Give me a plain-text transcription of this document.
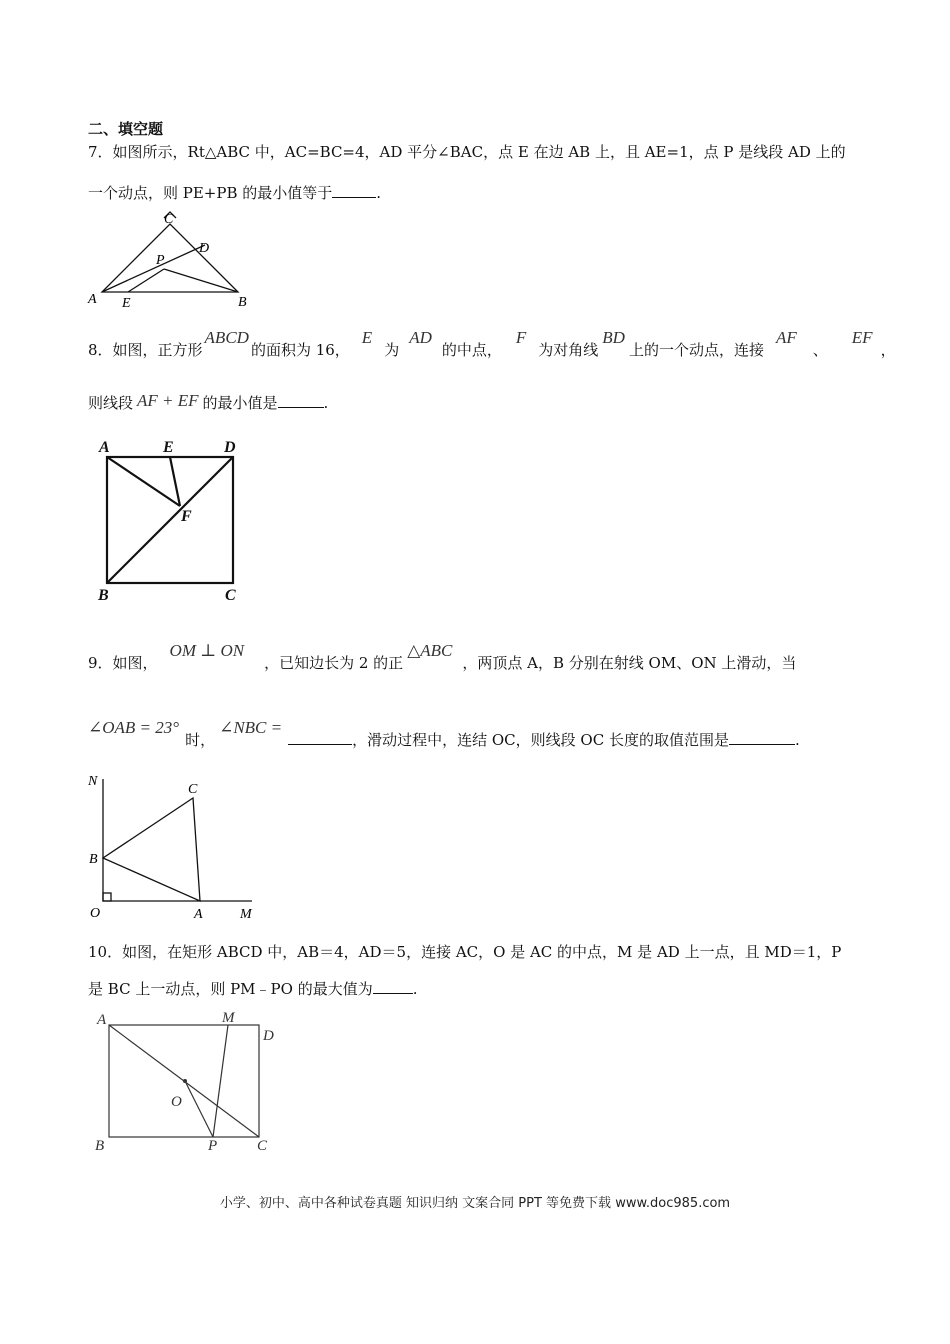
二、填空题
7．如图所示，Rt△ABC 中，AC=BC=4，AD 平分∠BAC，点 E 在边 AB 上，且 AE=1，点 P 是线段 AD 上的
一个动点，则 PE+PB 的最小值等于	.
C
D
P
A E	B
8．如图，正方形ABCD的面积为 16，E为AD的中点，F为对角线BD上的一个动点，连接AF、EF，
则线段 AF + EF 的最小值是	.
A	E	D
F
B	C
9．如图，OM ⊥ ON，已知边长为 2 的正△ABC，两顶点 A，B 分别在射线 OM、ON 上滑动，当
∠OAB = 23°时，∠NBC =，滑动过程中，连结 OC，则线段 OC 长度的取值范围是	.
N
C
B
O	A	M
10．如图，在矩形 ABCD 中，AB＝4，AD＝5，连接 AC，O 是 AC 的中点，M 是 AD 上一点，且 MD＝1，P
是 BC 上一动点，则 PM﹣PO 的最大值为	.
A	M
D
O
B	P	C
小学、初中、高中各种试卷真题 知识归纳 文案合同 PPT 等免费下载 www.doc985.com
